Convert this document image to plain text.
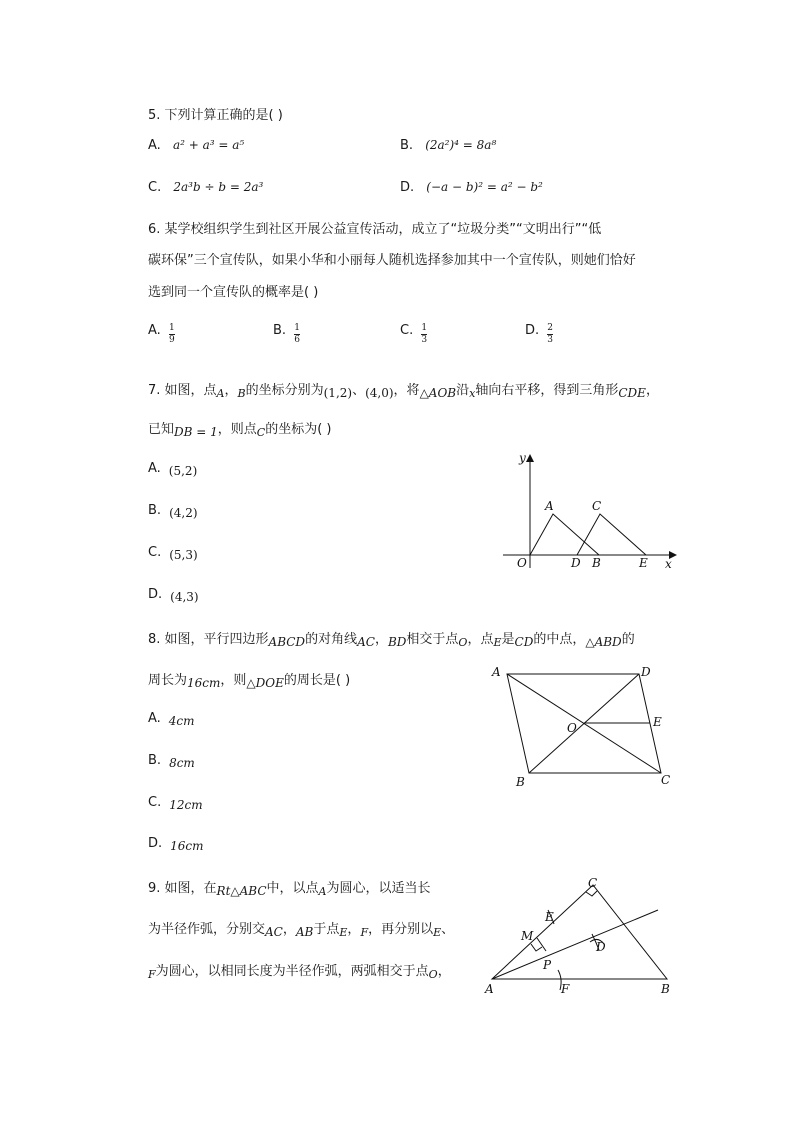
5. 下列计算正确的是( )
A. a² + a³ = a⁵	B. (2a²)⁴ = 8a⁸
C. 2a³b ÷ b = 2a³	D. (−a − b)² = a² − b²
6. 某学校组织学生到社区开展公益宣传活动，成立了“垃圾分类”“文明出行”“低
碳环保”三个宣传队，如果小华和小丽每人随机选择参加其中一个宣传队，则她们恰好
选到同一个宣传队的概率是( )
A. $\frac{1}{9}$	B. $\frac{1}{6}$	C. $\frac{1}{3}$	D. $\frac{2}{3}$
7. 如图，点$_A$，$_B$的坐标分别为(1,2)、(4,0)，将△AOB沿$_x$轴向右平移，得到三角形CDE，
已知DB = 1，则点$_C$的坐标为( )
A. (5,2)
B. (4,2)
C. (5,3)
D. (4,3)
y
x
O
A	C
D B	E
8. 如图，平行四边形ABCD的对角线AC，BD相交于点$_O$，点$_E$是CD的中点，△ABD的
周长为16cm，则△DOE的周长是( )
A. 4cm
B. 8cm
C. 12cm
D. 16cm
A	D
O	E
B	C
9. 如图，在Rt△ABC中，以点$_A$为圆心，以适当长
为半径作弧，分别交AC，AB于点$_E$，$_F$，再分别以$_E$、
$_F$为圆心，以相同长度为半径作弧，两弧相交于点$_O$，
C
E
M
D
P
A	F	B
